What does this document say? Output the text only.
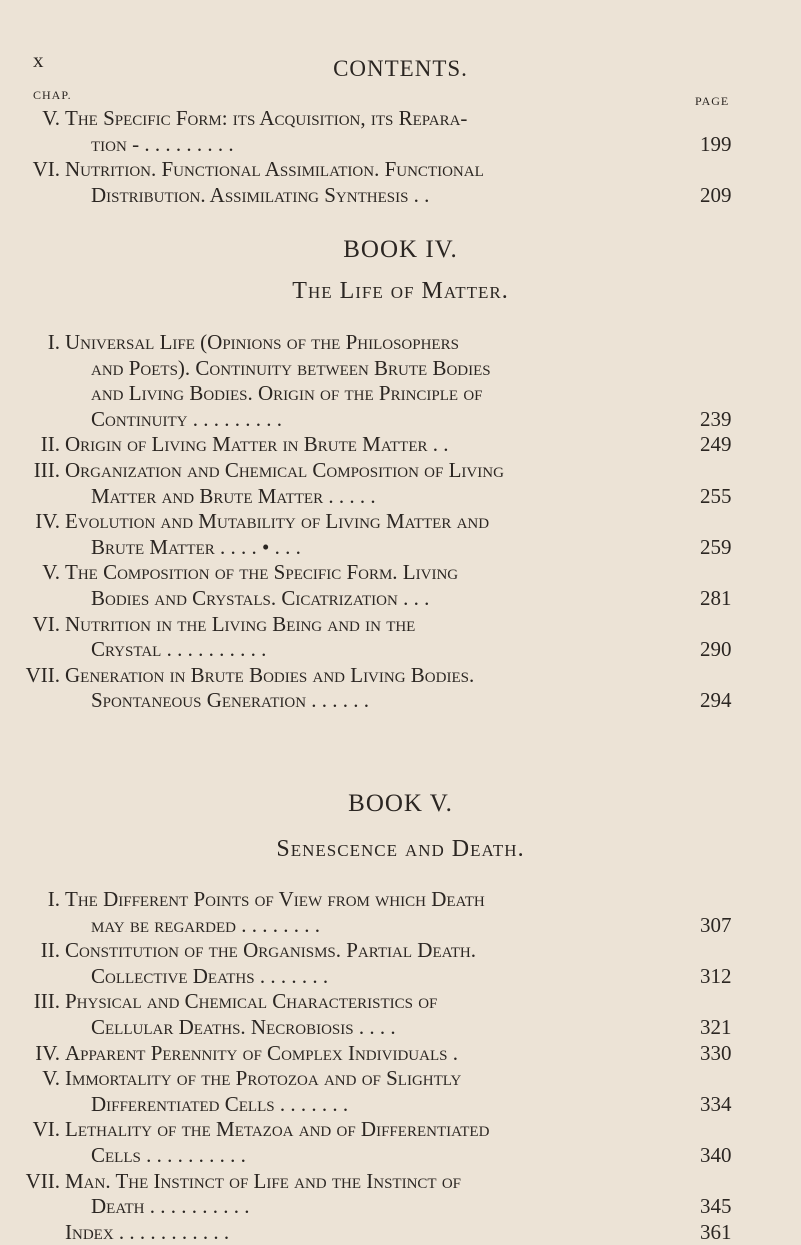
x	CONTENTS.
CHAP.	PAGE
V. The Specific Form: its Acquisition, its Repara-
tion - . . . . . . . . .	199
VI. Nutrition. Functional Assimilation. Functional
Distribution. Assimilating Synthesis . .	209
BOOK IV.
The Life of Matter.
I. Universal Life (Opinions of the Philosophers
and Poets). Continuity between Brute Bodies
and Living Bodies. Origin of the Principle of
Continuity . . . . . . . . .	239
II. Origin of Living Matter in Brute Matter . .	249
III. Organization and Chemical Composition of Living
Matter and Brute Matter . . . . .	255
IV. Evolution and Mutability of Living Matter and
Brute Matter . . . . • . . .	259
V. The Composition of the Specific Form. Living
Bodies and Crystals. Cicatrization . . .	281
VI. Nutrition in the Living Being and in the
Crystal . . . . . . . . . .	290
VII. Generation in Brute Bodies and Living Bodies.
Spontaneous Generation . . . . . .	294
BOOK V.
Senescence and Death.
I. The Different Points of View from which Death
may be regarded . . . . . . . .	307
II. Constitution of the Organisms. Partial Death.
Collective Deaths . . . . . . .	312
III. Physical and Chemical Characteristics of
Cellular Deaths. Necrobiosis . . . .	321
IV. Apparent Perennity of Complex Individuals .	330
V. Immortality of the Protozoa and of Slightly
Differentiated Cells . . . . . . .	334
VI. Lethality of the Metazoa and of Differentiated
Cells . . . . . . . . . .	340
VII. Man. The Instinct of Life and the Instinct of
Death . . . . . . . . . .	345
Index . . . . . . . . . . .	361
